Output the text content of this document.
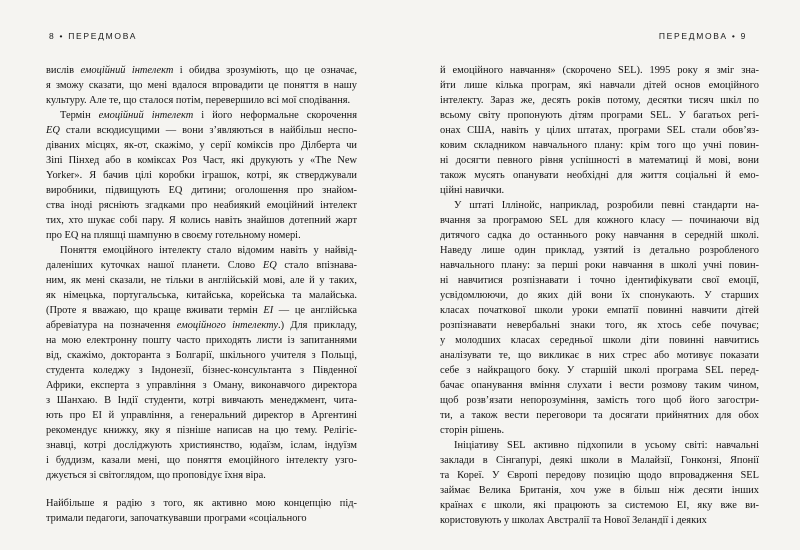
8 • ПЕРЕДМОВА
вислів емоційний інтелект і обидва зрозуміють, що це означає,
я зможу сказати, що мені вдалося впровадити це поняття в нашу
культуру. Але те, що сталося потім, перевершило всі мої сподівання.
Термін емоційний інтелект і його неформальне скорочення
EQ стали всюдисущими — вони з’являються в найбільш неспо-
діваних місцях, як-от, скажімо, у серії коміксів про Ділберта чи
Зіпі Пінхед або в коміксах Роз Част, які друкують у «The New
Yorker». Я бачив цілі коробки іграшок, котрі, як стверджували
виробники, підвищують EQ дитини; оголошення про знайом-
ства іноді рясніють згадками про неабиякий емоційний інтелект
тих, хто шукає собі пару. Я колись навіть знайшов дотепний жарт
про EQ на пляшці шампуню в своєму готельному номері.
Поняття емоційного інтелекту стало відомим навіть у найвід-
даленіших куточках нашої планети. Слово EQ стало впізнава-
ним, як мені сказали, не тільки в англійській мові, але й у таких,
як німецька, португальська, китайська, корейська та малайська.
(Проте я вважаю, що краще вживати термін EI — це англійська
абревіатура на позначення емоційного інтелекту.) Для прикладу,
на мою електронну пошту часто приходять листи із запитаннями
від, скажімо, докторанта з Болгарії, шкільного учителя з Польщі,
студента коледжу з Індонезії, бізнес-консультанта з Південної
Африки, експерта з управління з Оману, виконавчого директора
з Шанхаю. В Індії студенти, котрі вивчають менеджмент, чита-
ють про EI й управління, а генеральний директор в Аргентині
рекомендує книжку, яку я пізніше написав на цю тему. Релігіє-
знавці, котрі досліджують християнство, юдаїзм, іслам, індуїзм
і буддизм, казали мені, що поняття емоційного інтелекту узго-
джується зі світоглядом, що проповідує їхня віра.
Найбільше я радію з того, як активно мою концепцію під-
тримали педагоги, започаткувавши програми «соціального
ПЕРЕДМОВА • 9
й емоційного навчання» (скорочено SEL). 1995 року я зміг зна-
йти лише кілька програм, які навчали дітей основ емоційного
інтелекту. Зараз же, десять років потому, десятки тисяч шкіл по
всьому світу пропонують дітям програми SEL. У багатьох регі-
онах США, навіть у цілих штатах, програми SEL стали обов’яз-
ковим складником навчального плану: крім того що учні повин-
ні досягти певного рівня успішності в математиці й мові, вони
також мусять опанувати необхідні для життя соціальні й емо-
ційні навички.
У штаті Іллінойс, наприклад, розробили певні стандарти на-
вчання за програмою SEL для кожного класу — починаючи від
дитячого садка до останнього року навчання в середній школі.
Наведу лише один приклад, узятий із детально розробленого
навчального плану: за перші роки навчання в школі учні повин-
ні навчитися розпізнавати і точно ідентифікувати свої емоції,
усвідомлюючи, до яких дій вони їх спонукають. У старших
класах початкової школи уроки емпатії повинні навчити дітей
розпізнавати невербальні знаки того, як хтось себе почуває;
у молодших класах середньої школи діти повинні навчитись
аналізувати те, що викликає в них стрес або мотивує показати
себе з найкращого боку. У старшій школі програма SEL перед-
бачає опанування вміння слухати і вести розмову таким чином,
щоб розв’язати непорозуміння, замість того щоб його загостри-
ти, а також вести переговори та досягати прийнятних для обох
сторін рішень.
Ініціативу SEL активно підхопили в усьому світі: навчальні
заклади в Сінгапурі, деякі школи в Малайзії, Гонконзі, Японії
та Кореї. У Європі передову позицію щодо впровадження SEL
займає Велика Британія, хоч уже в більш ніж десяти інших
країнах є школи, які працюють за системою EI, яку вже ви-
користовують у школах Австралії та Нової Зеландії і деяких
